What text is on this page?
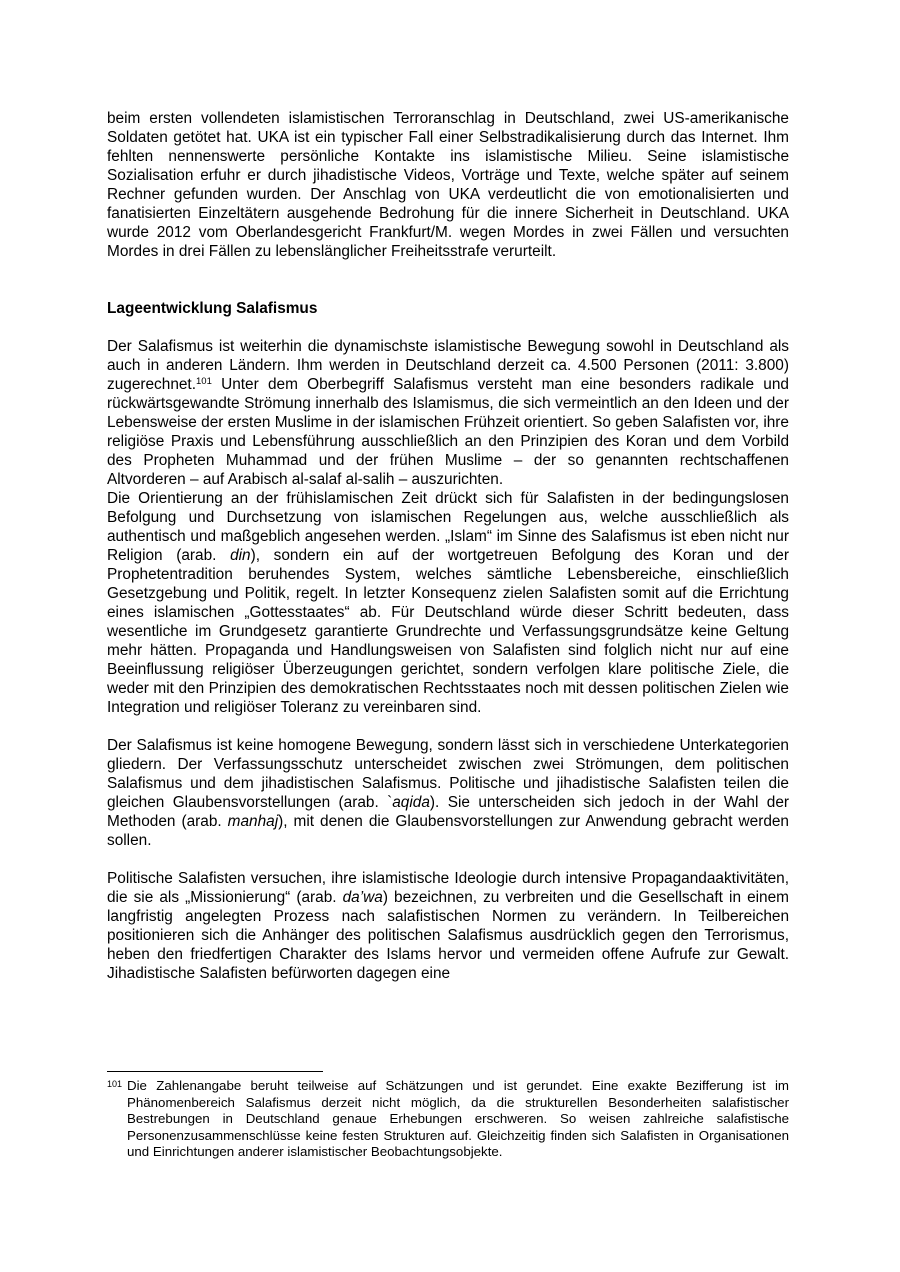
beim ersten vollendeten islamistischen Terroranschlag in Deutschland, zwei US-amerikanische Soldaten getötet hat. UKA ist ein typischer Fall einer Selbstradikalisierung durch das Internet. Ihm fehlten nennenswerte persönliche Kontakte ins islamistische Milieu. Seine islamistische Sozialisation erfuhr er durch jihadistische Videos, Vorträge und Texte, welche später auf seinem Rechner gefunden wurden. Der Anschlag von UKA verdeutlicht die von emotionalisierten und fanatisierten Einzeltätern ausgehende Bedrohung für die innere Sicherheit in Deutschland. UKA wurde 2012 vom Oberlandesgericht Frankfurt/M. wegen Mordes in zwei Fällen und versuchten Mordes in drei Fällen zu lebenslänglicher Freiheitsstrafe verurteilt.

Lageentwicklung Salafismus

Der Salafismus ist weiterhin die dynamischste islamistische Bewegung sowohl in Deutschland als auch in anderen Ländern. Ihm werden in Deutschland derzeit ca. 4.500 Personen (2011: 3.800) zugerechnet.$^{101}$ Unter dem Oberbegriff Salafismus versteht man eine besonders radikale und rückwärtsgewandte Strömung innerhalb des Islamismus, die sich vermeintlich an den Ideen und der Lebensweise der ersten Muslime in der islamischen Frühzeit orientiert. So geben Salafisten vor, ihre religiöse Praxis und Lebensführung ausschließlich an den Prinzipien des Koran und dem Vorbild des Propheten Muhammad und der frühen Muslime – der so genannten rechtschaffenen Altvorderen – auf Arabisch al-salaf al-salih – auszurichten.

Die Orientierung an der frühislamischen Zeit drückt sich für Salafisten in der bedingungslosen Befolgung und Durchsetzung von islamischen Regelungen aus, welche ausschließlich als authentisch und maßgeblich angesehen werden. „Islam“ im Sinne des Salafismus ist eben nicht nur Religion (arab. din), sondern ein auf der wortgetreuen Befolgung des Koran und der Prophetentradition beruhendes System, welches sämtliche Lebensbereiche, einschließlich Gesetzgebung und Politik, regelt. In letzter Konsequenz zielen Salafisten somit auf die Errichtung eines islamischen „Gottesstaates“ ab. Für Deutschland würde dieser Schritt bedeuten, dass wesentliche im Grundgesetz garantierte Grundrechte und Verfassungsgrundsätze keine Geltung mehr hätten. Propaganda und Handlungsweisen von Salafisten sind folglich nicht nur auf eine Beeinflussung religiöser Überzeugungen gerichtet, sondern verfolgen klare politische Ziele, die weder mit den Prinzipien des demokratischen Rechtsstaates noch mit dessen politischen Zielen wie Integration und religiöser Toleranz zu vereinbaren sind.

Der Salafismus ist keine homogene Bewegung, sondern lässt sich in verschiedene Unterkategorien gliedern. Der Verfassungsschutz unterscheidet zwischen zwei Strömungen, dem politischen Salafismus und dem jihadistischen Salafismus. Politische und jihadistische Salafisten teilen die gleichen Glaubensvorstellungen (arab. `aqida). Sie unterscheiden sich jedoch in der Wahl der Methoden (arab. manhaj), mit denen die Glaubensvorstellungen zur Anwendung gebracht werden sollen.

Politische Salafisten versuchen, ihre islamistische Ideologie durch intensive Propagandaaktivitäten, die sie als „Missionierung“ (arab. da’wa) bezeichnen, zu verbreiten und die Gesellschaft in einem langfristig angelegten Prozess nach salafistischen Normen zu verändern. In Teilbereichen positionieren sich die Anhänger des politischen Salafismus ausdrücklich gegen den Terrorismus, heben den friedfertigen Charakter des Islams hervor und vermeiden offene Aufrufe zur Gewalt. Jihadistische Salafisten befürworten dagegen eine

101 Die Zahlenangabe beruht teilweise auf Schätzungen und ist gerundet. Eine exakte Bezifferung ist im Phänomenbereich Salafismus derzeit nicht möglich, da die strukturellen Besonderheiten salafistischer Bestrebungen in Deutschland genaue Erhebungen erschweren. So weisen zahlreiche salafistische Personenzusammenschlüsse keine festen Strukturen auf. Gleichzeitig finden sich Salafisten in Organisationen und Einrichtungen anderer islamistischer Beobachtungsobjekte.
